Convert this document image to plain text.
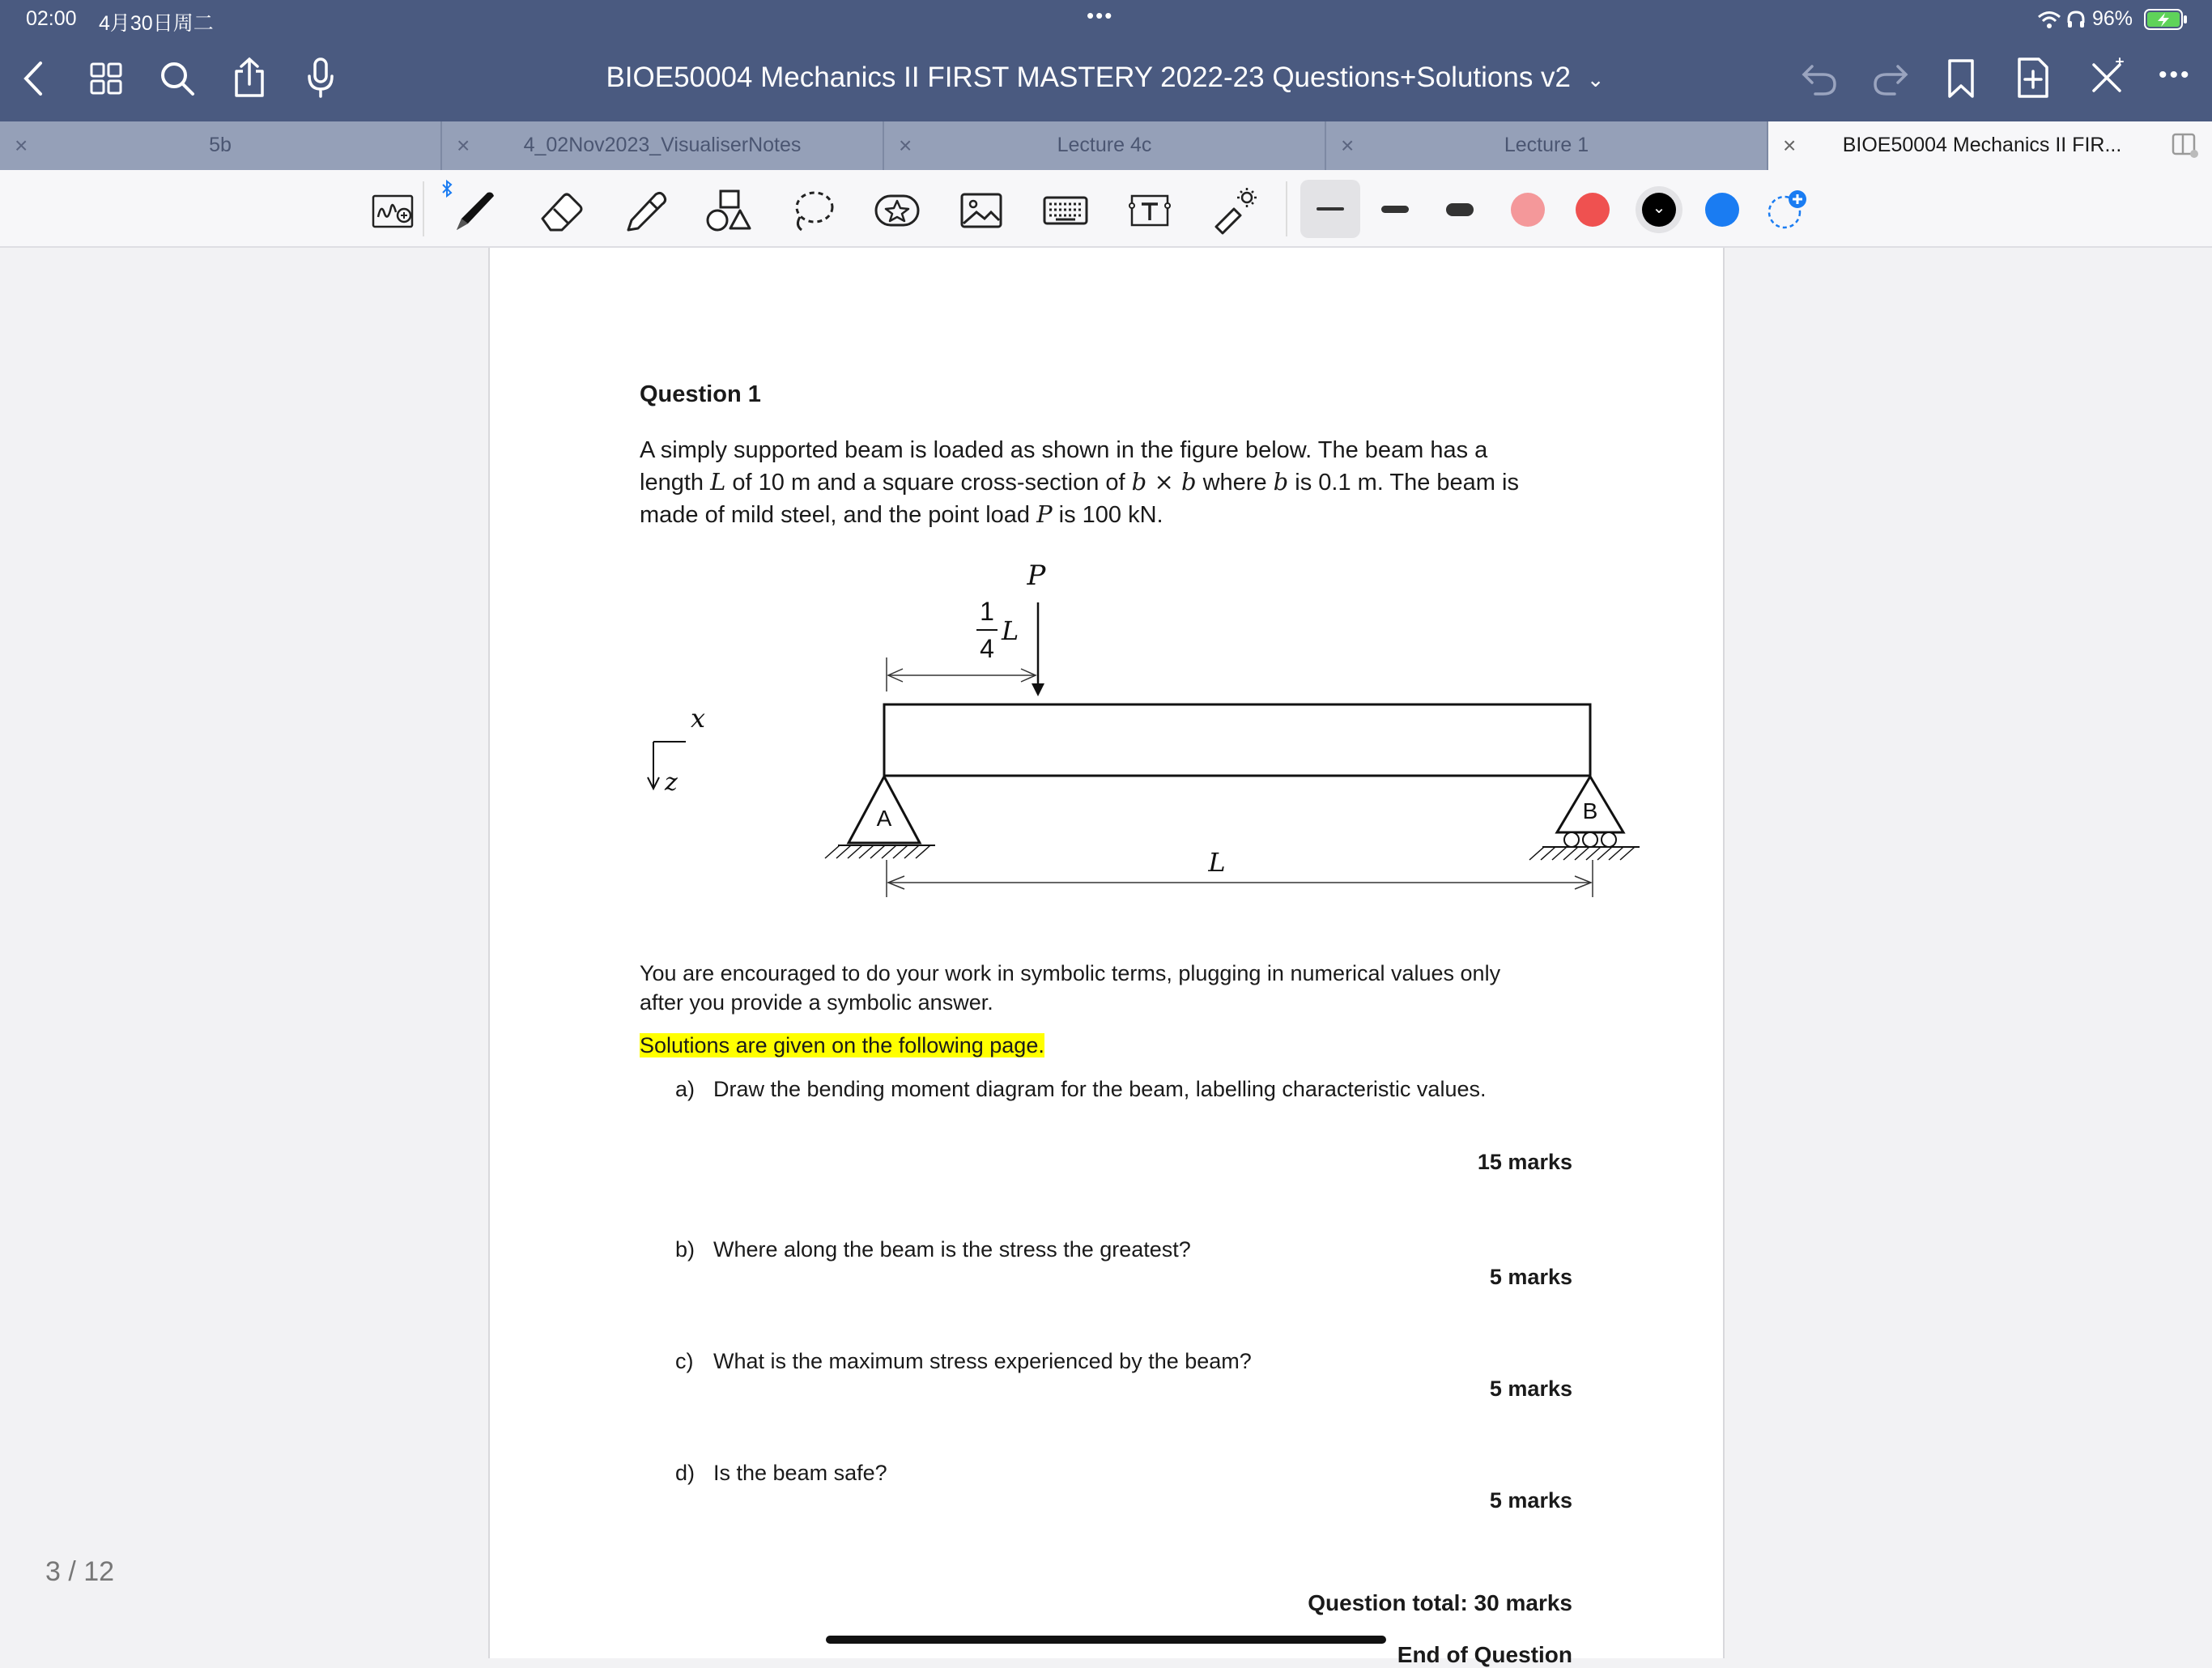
02:00 4月30日周二	•••	96%
BIOE50004 Mechanics II FIRST MASTERY 2022-23 Questions+Solutions v2 ⌄	•••
×	5b	×	4_02Nov2023_VisualiserNotes	×	Lecture 4c	×	Lecture 1	×	BIOE50004 Mechanics II FIR...
⌄
3 / 12
Question 1
A simply supported beam is loaded as shown in the figure below. The beam has a
length L of 10 m and a square cross-section of b × b where b is 0.1 m. The beam is
made of mild steel, and the point load P is 100 kN.
P
1
4
L
x
z
A	B
L
You are encouraged to do your work in symbolic terms, plugging in numerical values only
after you provide a symbolic answer.
Solutions are given on the following page.
a) Draw the bending moment diagram for the beam, labelling characteristic values.
15 marks
b) Where along the beam is the stress the greatest?
5 marks
c) What is the maximum stress experienced by the beam?
5 marks
d) Is the beam safe?
5 marks
Question total: 30 marks
End of Question
